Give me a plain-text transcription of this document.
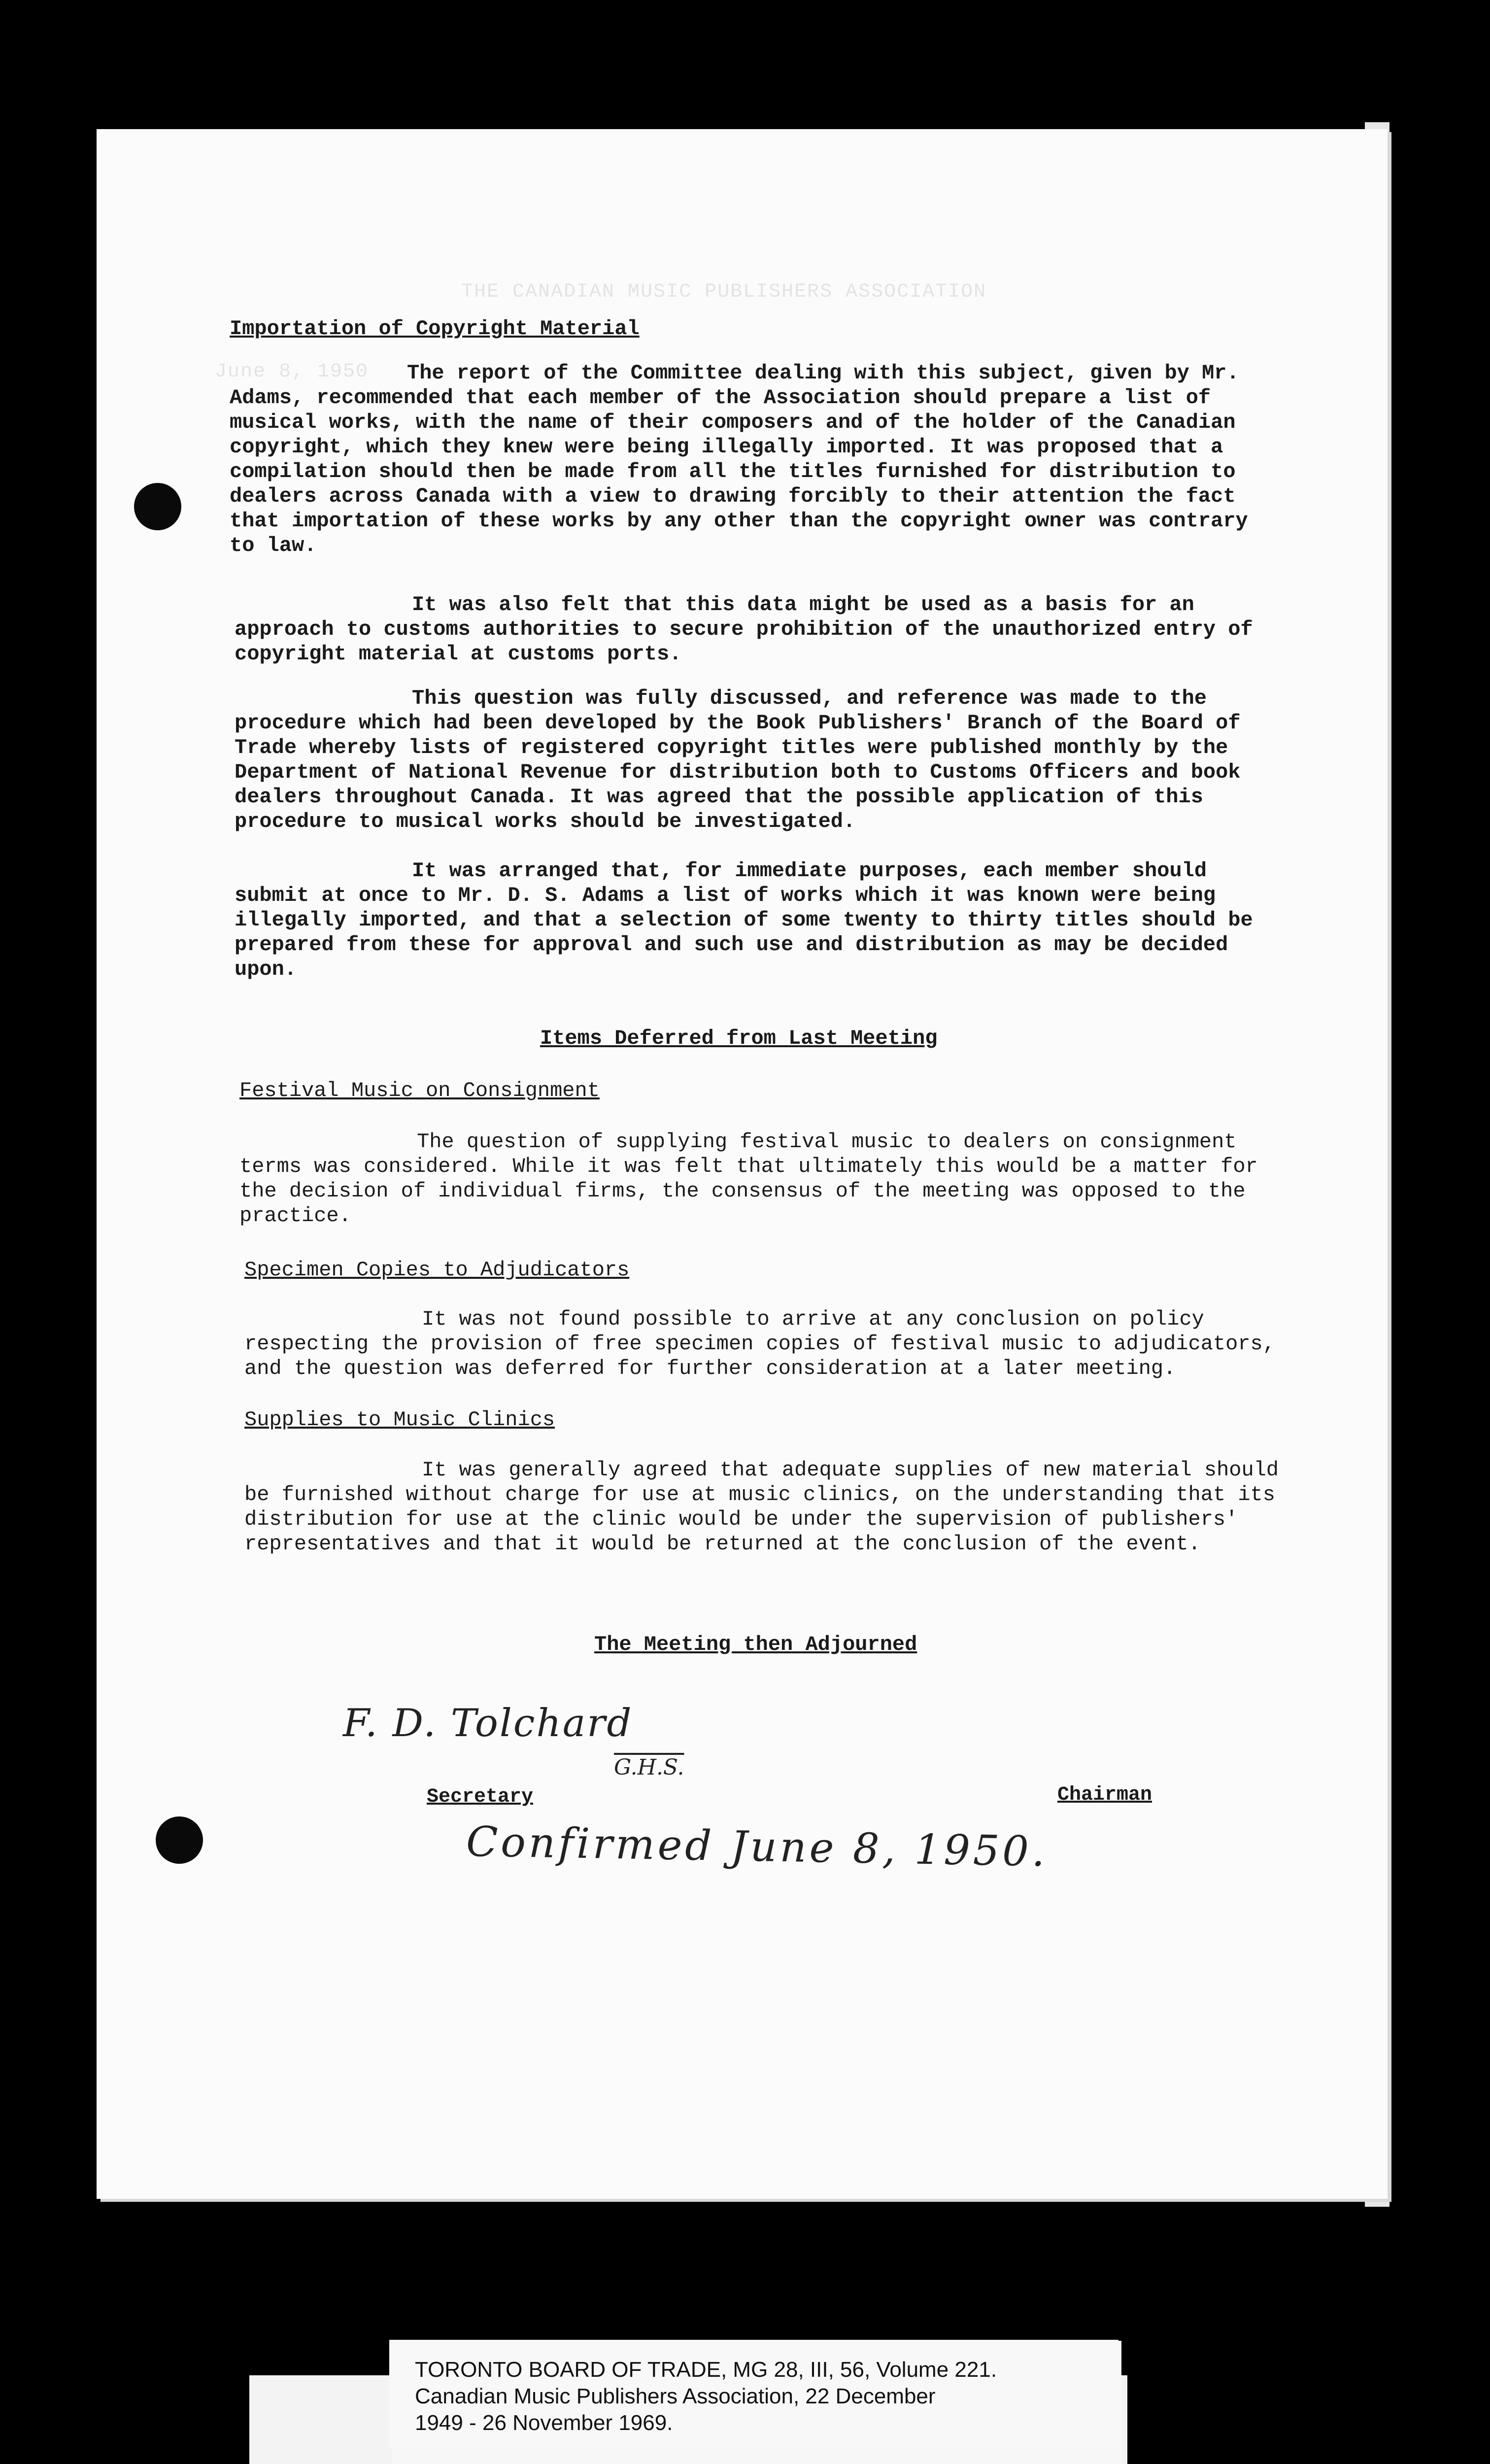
THE CANADIAN MUSIC PUBLISHERS ASSOCIATION
June 8, 1950
Importation of Copyright Material

The report of the Committee dealing with this subject, given by Mr. Adams, recommended that each member of the Association should prepare a list of musical works, with the name of their composers and of the holder of the Canadian copyright, which they knew were being illegally imported. It was proposed that a compilation should then be made from all the titles furnished for distribution to dealers across Canada with a view to drawing forcibly to their attention the fact that importation of these works by any other than the copyright owner was contrary to law.

It was also felt that this data might be used as a basis for an approach to customs authorities to secure prohibition of the unauthorized entry of copyright material at customs ports.

This question was fully discussed, and reference was made to the procedure which had been developed by the Book Publishers' Branch of the Board of Trade whereby lists of registered copyright titles were published monthly by the Department of National Revenue for distribution both to Customs Officers and book dealers throughout Canada. It was agreed that the possible application of this procedure to musical works should be investigated.

It was arranged that, for immediate purposes, each member should submit at once to Mr. D. S. Adams a list of works which it was known were being illegally imported, and that a selection of some twenty to thirty titles should be prepared from these for approval and such use and distribution as may be decided upon.

Items Deferred from Last Meeting
Festival Music on Consignment

The question of supplying festival music to dealers on consignment terms was considered. While it was felt that ultimately this would be a matter for the decision of individual firms, the consensus of the meeting was opposed to the practice.

Specimen Copies to Adjudicators

It was not found possible to arrive at any conclusion on policy respecting the provision of free specimen copies of festival music to adjudicators, and the question was deferred for further consideration at a later meeting.

Supplies to Music Clinics

It was generally agreed that adequate supplies of new material should be furnished without charge for use at music clinics, on the understanding that its distribution for use at the clinic would be under the supervision of publishers' representatives and that it would be returned at the conclusion of the event.

The Meeting then Adjourned
F. D. Tolchard
G.H.S.
Secretary	Chairman
Confirmed June 8, 1950.
TORONTO BOARD OF TRADE, MG 28, III, 56, Volume 221.
Canadian Music Publishers Association, 22 December
1949 - 26 November 1969.
